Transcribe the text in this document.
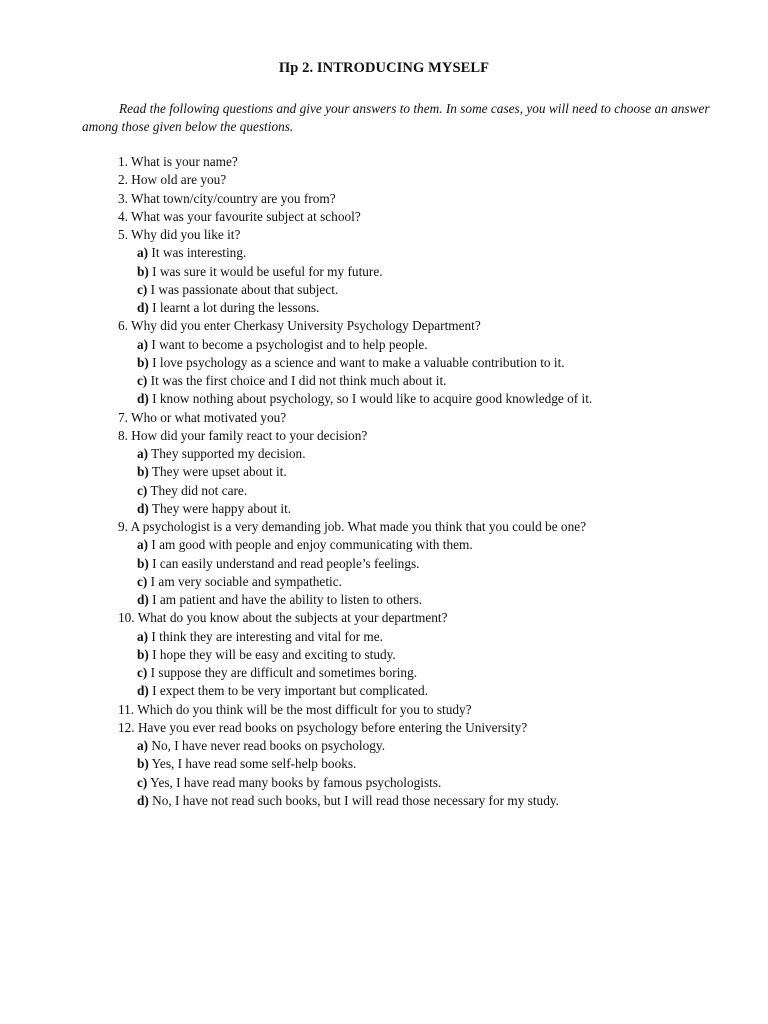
Пр 2. INTRODUCING MYSELF
Read the following questions and give your answers to them. In some cases, you will need to choose an answer among those given below the questions.
1. What is your name?
2. How old are you?
3. What town/city/country are you from?
4. What was your favourite subject at school?
5. Why did you like it?
a) It was interesting.
b) I was sure it would be useful for my future.
c) I was passionate about that subject.
d) I learnt a lot during the lessons.
6. Why did you enter Cherkasy University Psychology Department?
a) I want to become a psychologist and to help people.
b) I love psychology as a science and want to make a valuable contribution to it.
c) It was the first choice and I did not think much about it.
d) I know nothing about psychology, so I would like to acquire good knowledge of it.
7. Who or what motivated you?
8. How did your family react to your decision?
a) They supported my decision.
b) They were upset about it.
c) They did not care.
d) They were happy about it.
9. A psychologist is a very demanding job. What made you think that you could be one?
a) I am good with people and enjoy communicating with them.
b) I can easily understand and read people’s feelings.
c) I am very sociable and sympathetic.
d) I am patient and have the ability to listen to others.
10. What do you know about the subjects at your department?
a) I think they are interesting and vital for me.
b) I hope they will be easy and exciting to study.
c) I suppose they are difficult and sometimes boring.
d) I expect them to be very important but complicated.
11. Which do you think will be the most difficult for you to study?
12. Have you ever read books on psychology before entering the University?
a) No, I have never read books on psychology.
b) Yes, I have read some self-help books.
c) Yes, I have read many books by famous psychologists.
d) No, I have not read such books, but I will read those necessary for my study.
